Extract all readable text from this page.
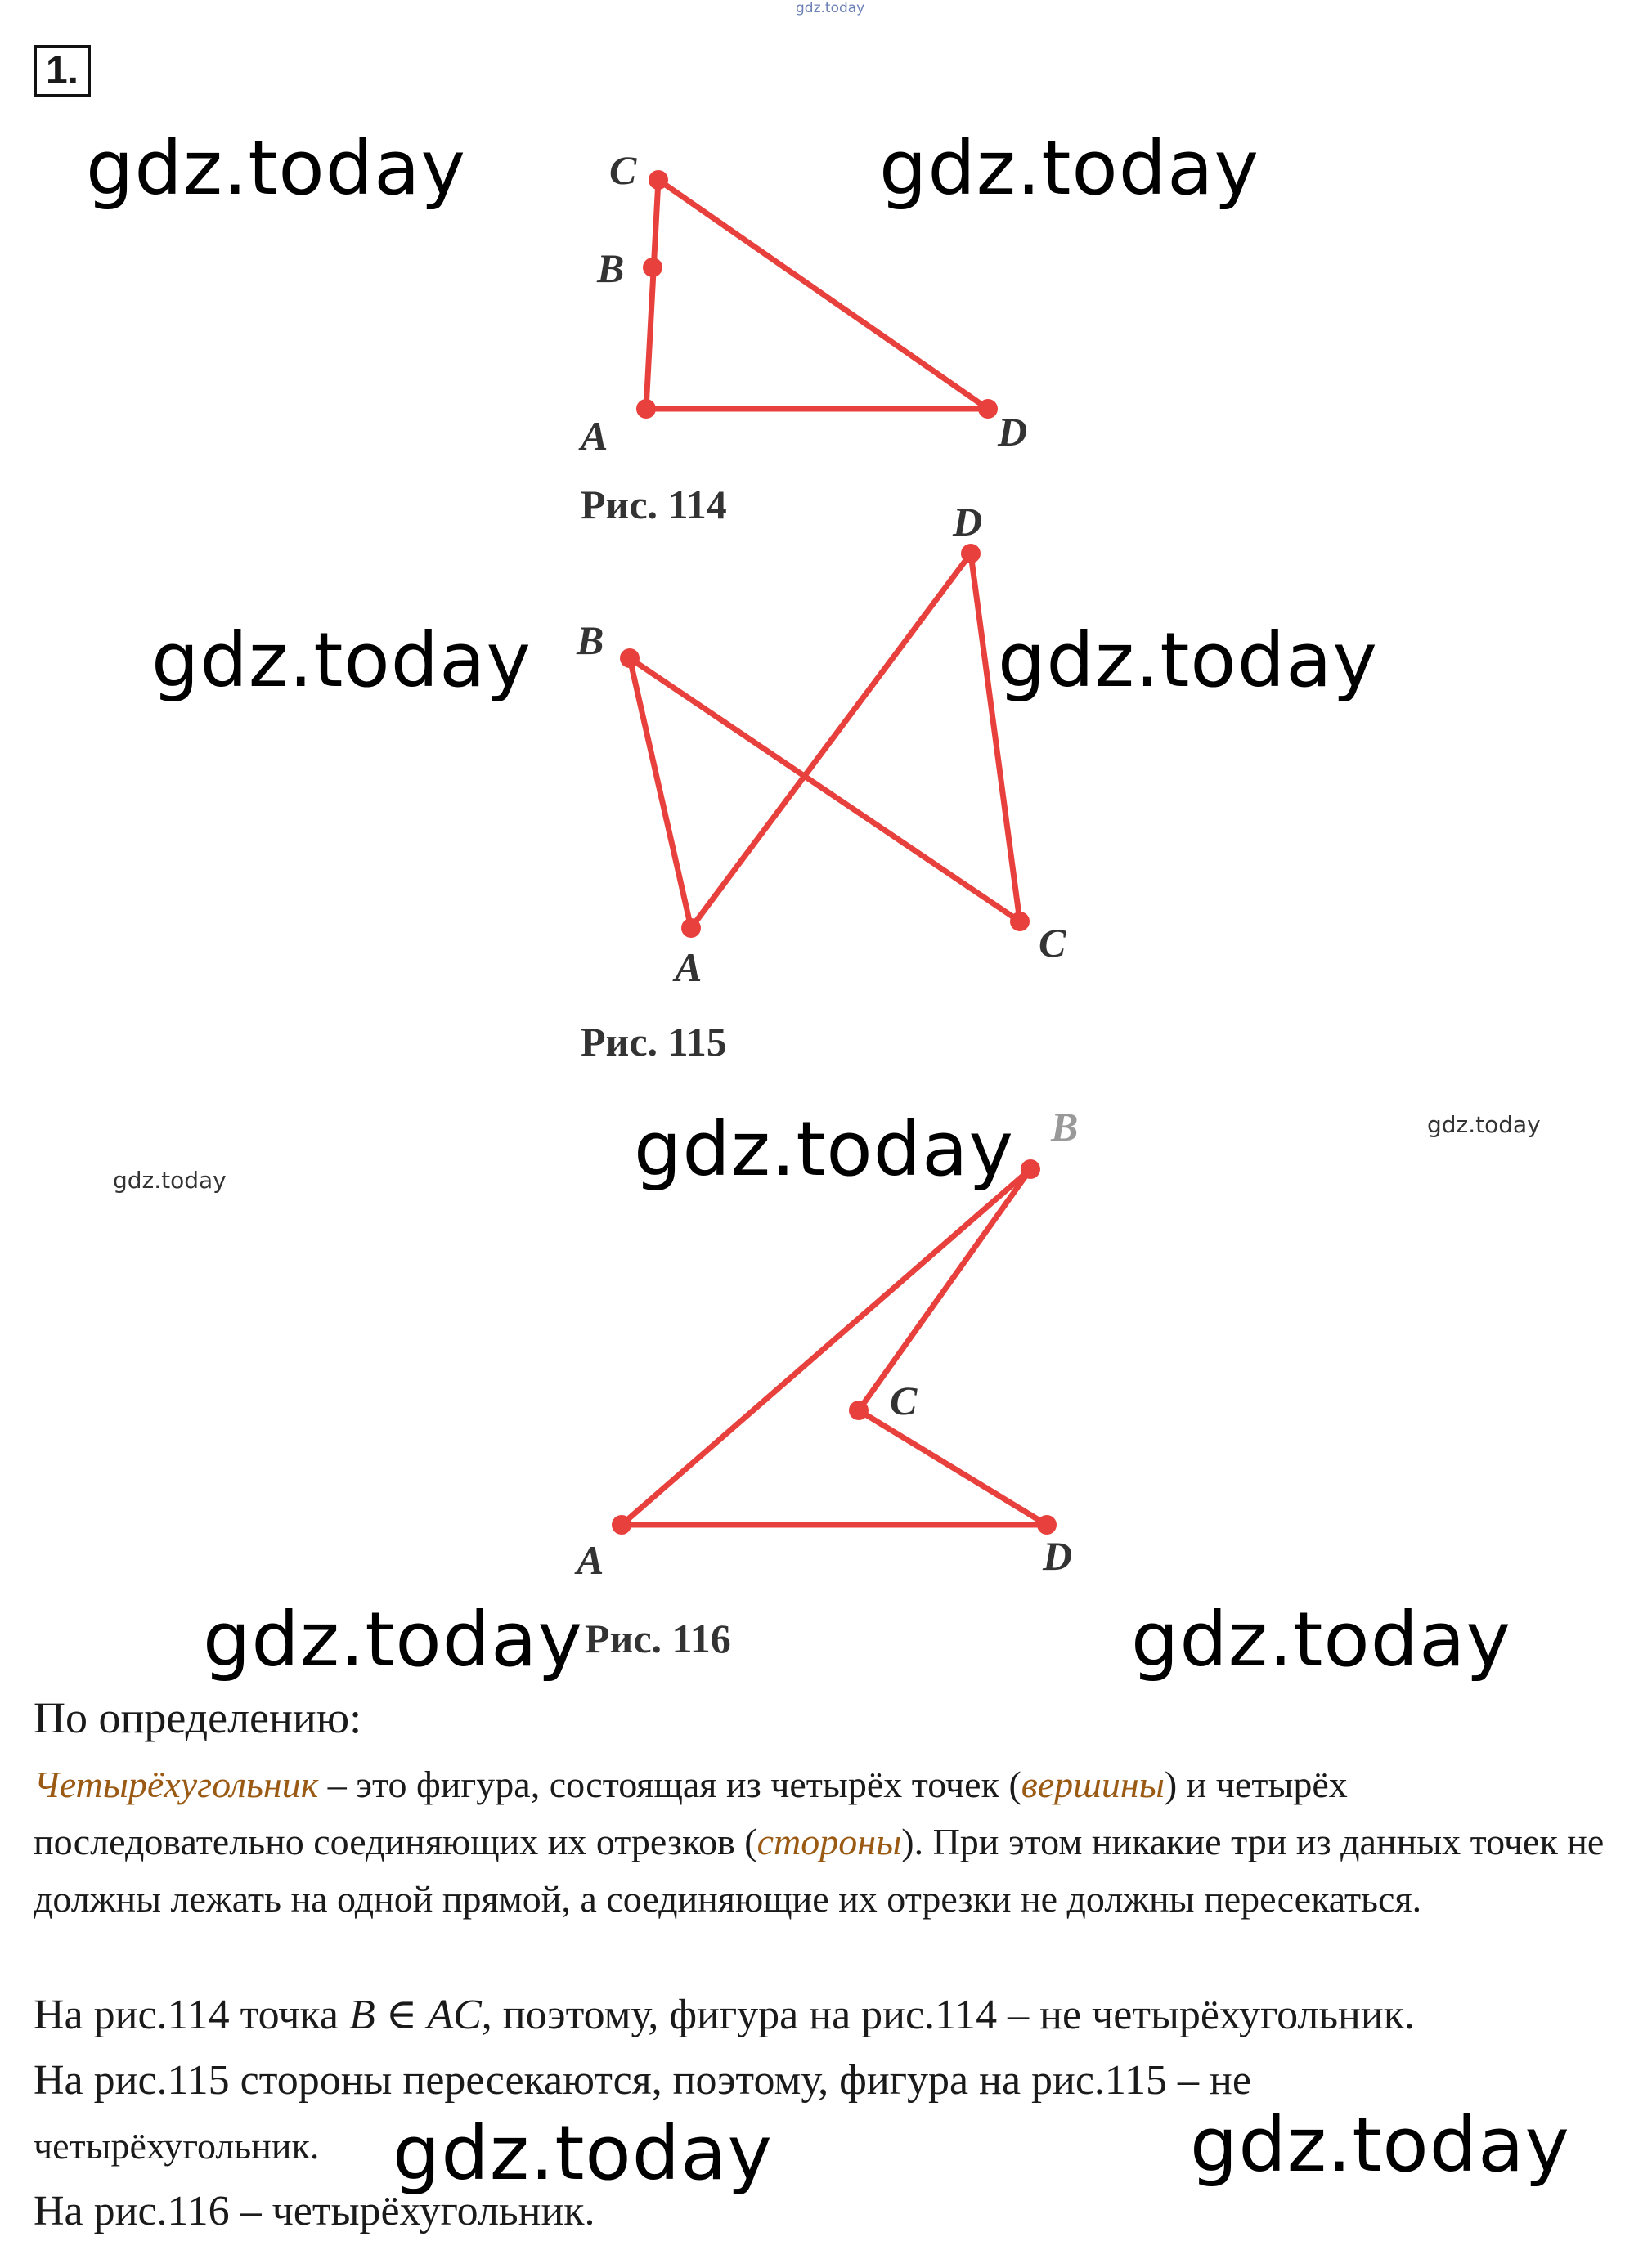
gdz.today
1.
C
B
A	D
Рис. 114
B
A
D
C
Рис. 115
B
C
A	D
Рис. 116
gdz.today	gdz.today
gdz.today	gdz.today
gdz.today
gdz.today
gdz.today
gdz.today	gdz.today
По определению:
Четырёхугольник – это фигура, состоящая из четырёх точек (вершины) и четырёх последовательно соединяющих их отрезков (стороны). При этом никакие три из данных точек не должны лежать на одной прямой, а соединяющие их отрезки не должны пересекаться.
На рис.114 точка B ∈ AC, поэтому, фигура на рис.114 – не четырёхугольник.
На рис.115 стороны пересекаются, поэтому, фигура на рис.115 – не
четырёхугольник. gdz.today	gdz.today
На рис.116 – четырёхугольник.
